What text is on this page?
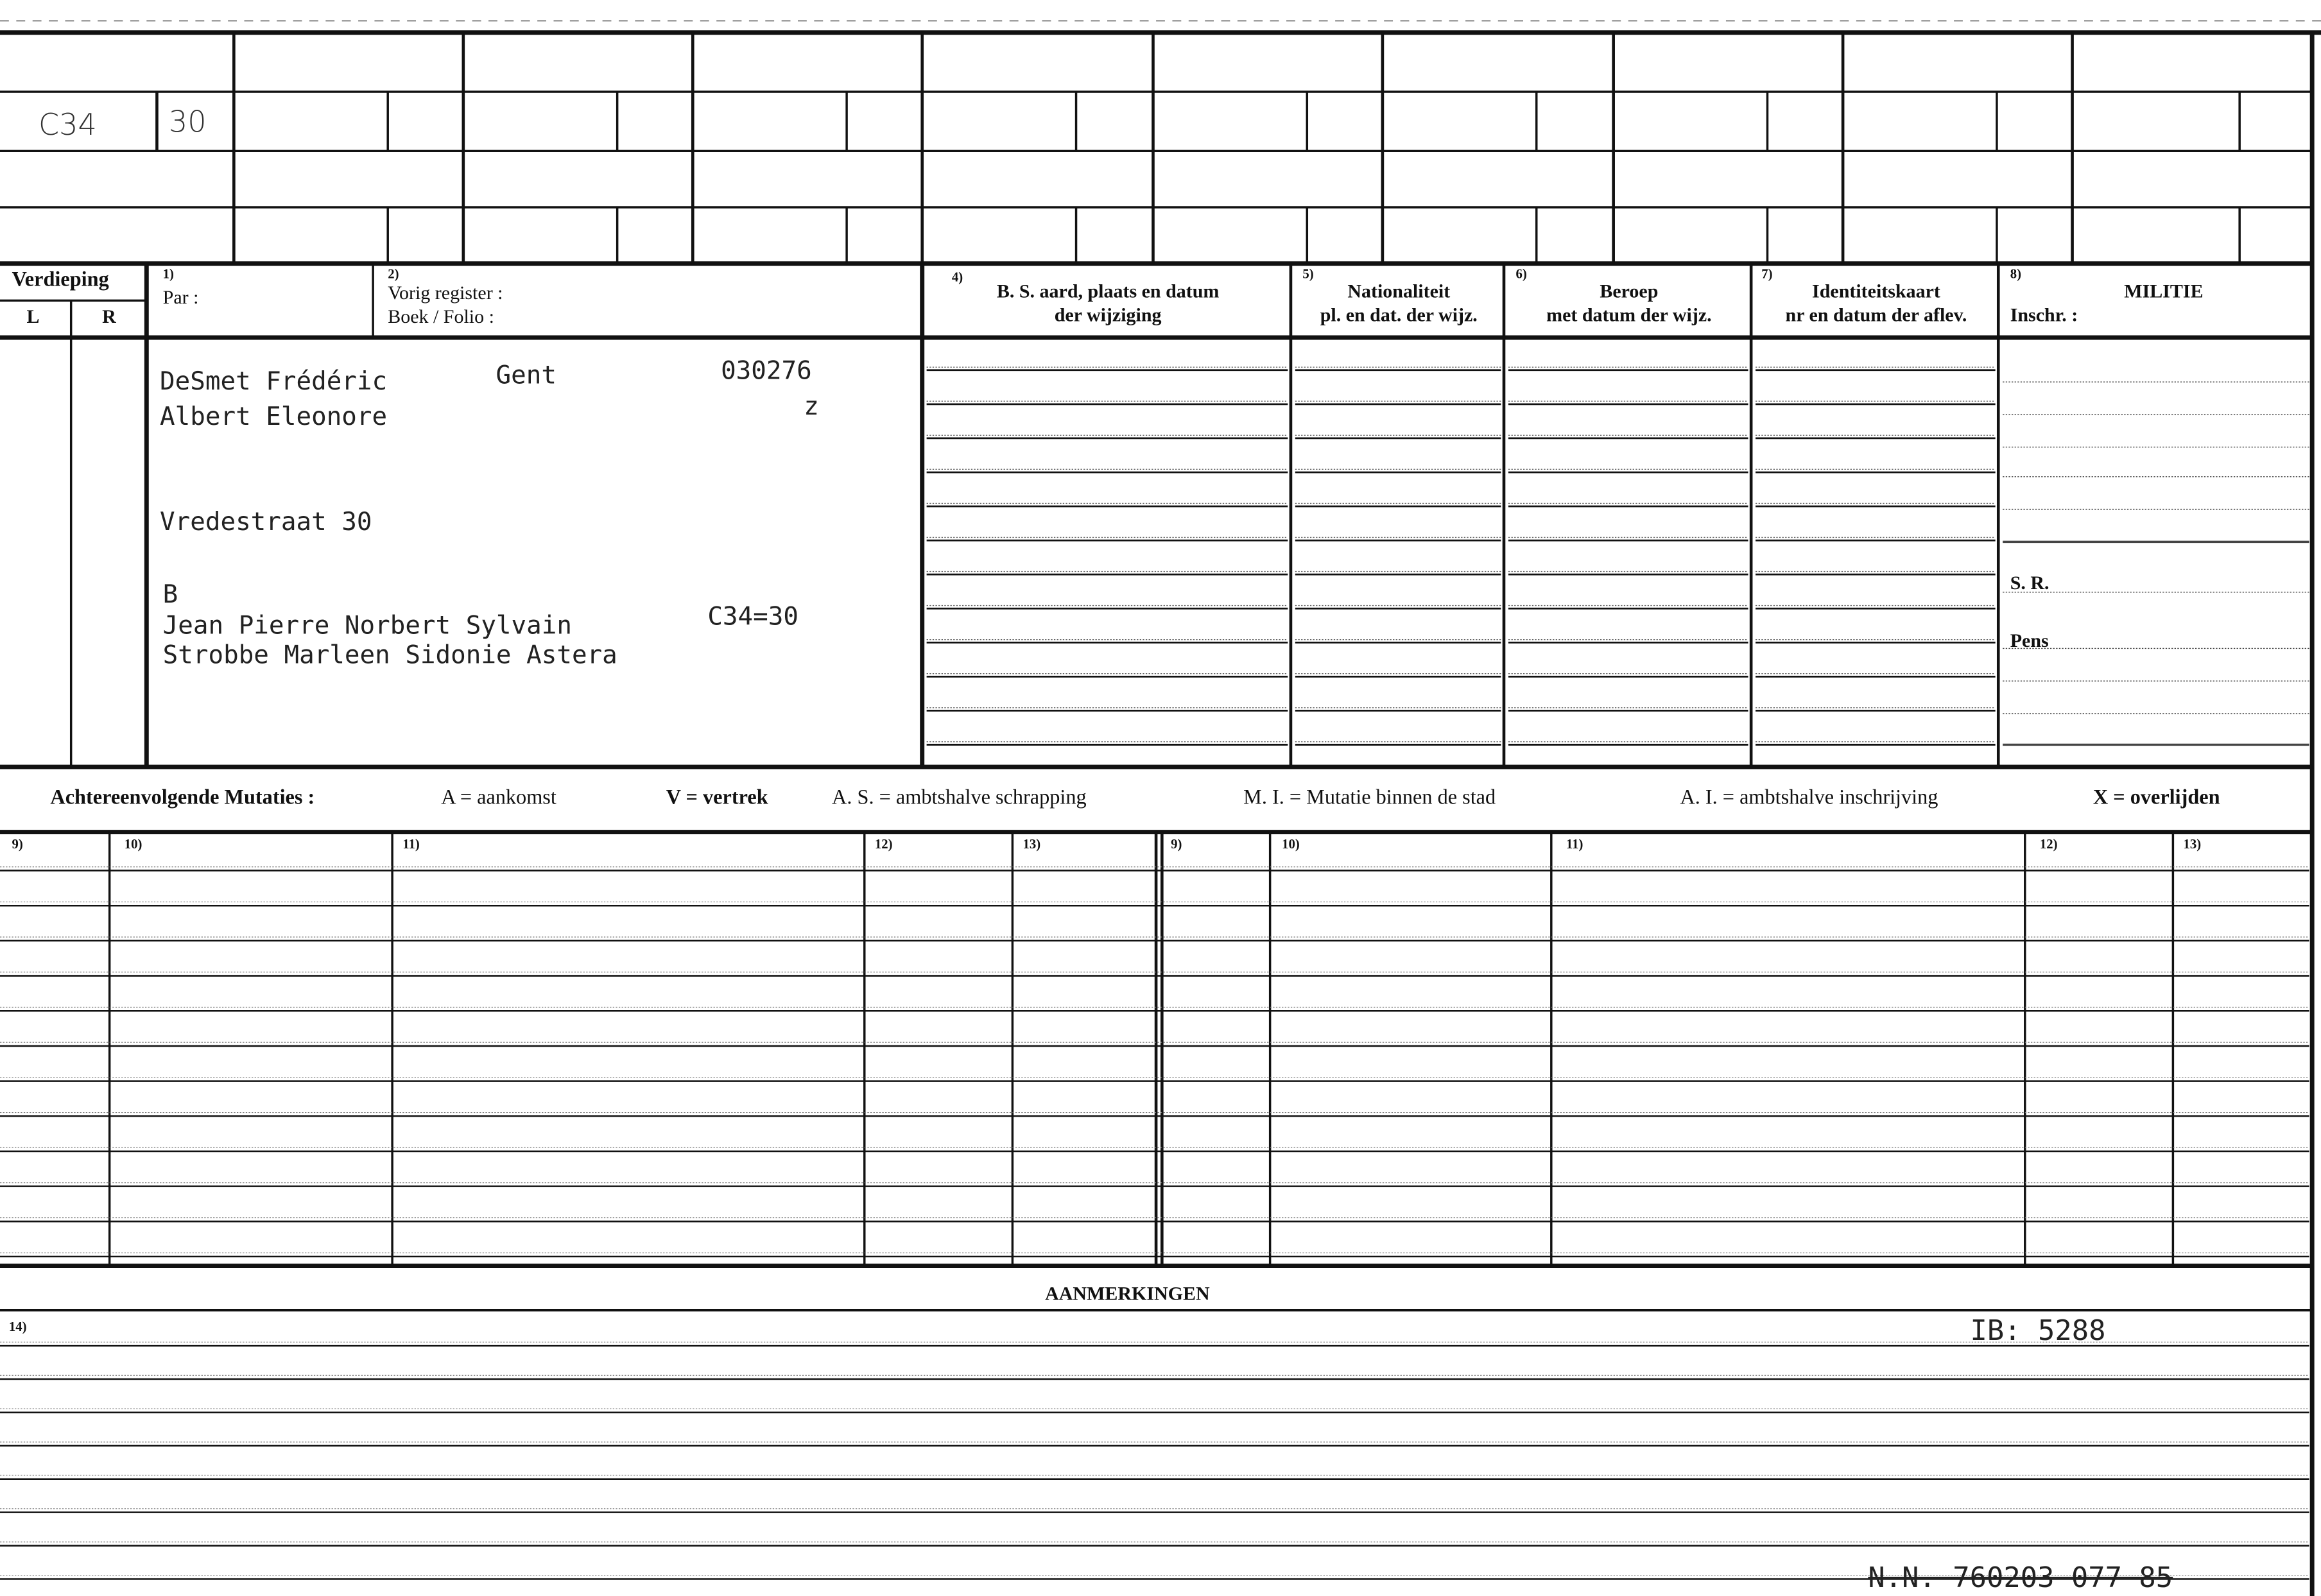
C34	30
Verdieping
L	R
1)
Par :
2)
Vorig register :
Boek / Folio :
4)
B. S. aard, plaats en datum
der wijziging
5)
Nationaliteit
pl. en dat. der wijz.
6)
Beroep
met datum der wijz.
7)
Identiteitskaart
nr en datum der aflev.
8)
MILITIE
Inschr. :
DeSmet Frédéric	Gent	030276
z
Albert Eleonore
Vredestraat 30
B
Jean Pierre Norbert Sylvain	C34=30
Strobbe Marleen Sidonie Astera
S. R.
Pens
Achtereenvolgende Mutaties :	A = aankomst	V = vertrek	A. S. = ambtshalve schrapping	M. I. = Mutatie binnen de stad	A. I. = ambtshalve inschrijving	X = overlijden
9)	10)	11)	12)	13)	9)	10)	11)	12)	13)
AANMERKINGEN
14)	IB: 5288
N.N. 760203 077 85
